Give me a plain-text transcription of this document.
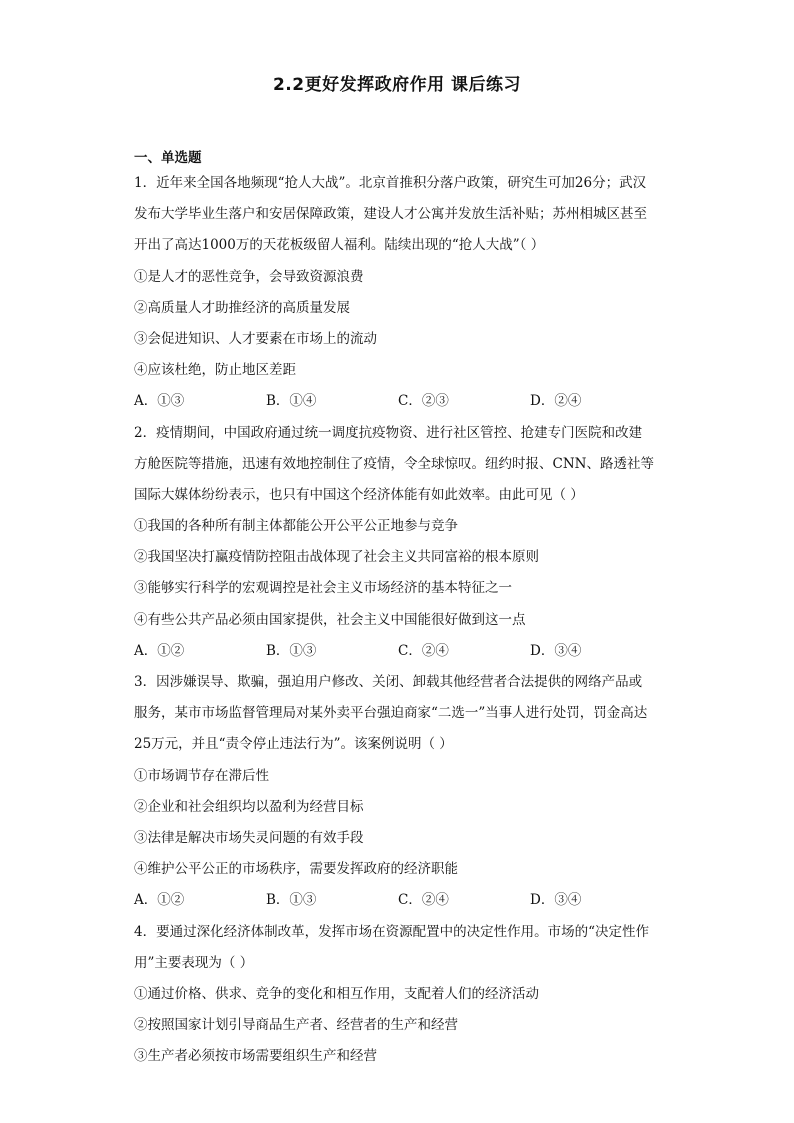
2.2更好发挥政府作用 课后练习
一、单选题
1．近年来全国各地频现“抢人大战”。北京首推积分落户政策，研究生可加26分；武汉
发布大学毕业生落户和安居保障政策，建设人才公寓并发放生活补贴；苏州相城区甚至
开出了高达1000万的天花板级留人福利。陆续出现的“抢人大战”（ ）
①是人才的恶性竞争，会导致资源浪费
②高质量人才助推经济的高质量发展
③会促进知识、人才要素在市场上的流动
④应该杜绝，防止地区差距
A．①③	B．①④	C．②③	D．②④
2．疫情期间，中国政府通过统一调度抗疫物资、进行社区管控、抢建专门医院和改建
方舱医院等措施，迅速有效地控制住了疫情，令全球惊叹。纽约时报、CNN、路透社等
国际大媒体纷纷表示，也只有中国这个经济体能有如此效率。由此可见（ ）
①我国的各种所有制主体都能公开公平公正地参与竞争
②我国坚决打赢疫情防控阻击战体现了社会主义共同富裕的根本原则
③能够实行科学的宏观调控是社会主义市场经济的基本特征之一
④有些公共产品必须由国家提供，社会主义中国能很好做到这一点
A．①②	B．①③	C．②④	D．③④
3．因涉嫌误导、欺骗，强迫用户修改、关闭、卸载其他经营者合法提供的网络产品或
服务，某市市场监督管理局对某外卖平台强迫商家“二选一”当事人进行处罚，罚金高达
25万元，并且“责令停止违法行为”。该案例说明（ ）
①市场调节存在滞后性
②企业和社会组织均以盈利为经营目标
③法律是解决市场失灵问题的有效手段
④维护公平公正的市场秩序，需要发挥政府的经济职能
A．①②	B．①③	C．②④	D．③④
4．要通过深化经济体制改革，发挥市场在资源配置中的决定性作用。市场的“决定性作
用”主要表现为（ ）
①通过价格、供求、竞争的变化和相互作用，支配着人们的经济活动
②按照国家计划引导商品生产者、经营者的生产和经营
③生产者必须按市场需要组织生产和经营
